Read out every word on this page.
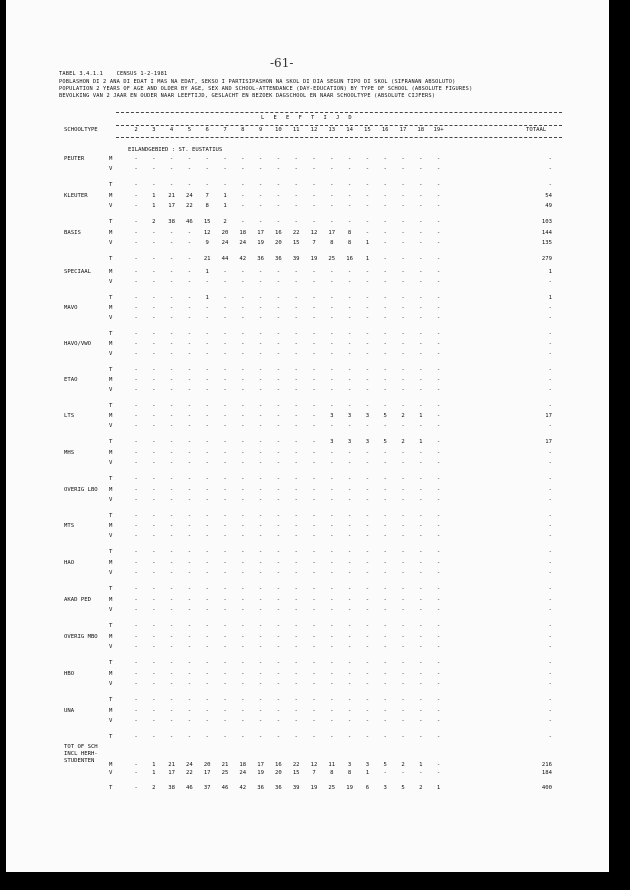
-61-
TABEL 3.4.1.1    CENSUS 1-2-1981
POBLASHON DI 2 ANA DI EDAT I MAS NA EDAT, SEKSO I PARTISIPASHON NA SKOL DI DIA SEGUN TIPO DI SKOL (SIFRANAN ABSOLUTO)
POPULATION 2 YEARS OF AGE AND OLDER BY AGE, SEX AND SCHOOL-ATTENDANCE (DAY-EDUCATION) BY TYPE OF SCHOOL (ABSOLUTE FIGURES)
BEVOLKING VAN 2 JAAR EN OUDER NAAR LEEFTIJD, GESLACHT EN BEZOEK DAGSCHOOL EN NAAR SCHOOLTYPE (ABSOLUTE CIJFERS)
L E E F T I J D
SCHOOLTYPE	2	3	4	5	6	7	8	9	10	11	12	13	14	15	16	17	18	19+	TOTAAL
EILANDGEBIED : ST. EUSTATIUS
PEUTER	M	-	-	-	-	-	-	-	-	-	-	-	-	-	-	-	-	-	-	-
V	-	-	-	-	-	-	-	-	-	-	-	-	-	-	-	-	-	-	-
T	-	-	-	-	-	-	-	-	-	-	-	-	-	-	-	-	-	-	-
KLEUTER	M	-	1	21	24	7	1	-	-	-	-	-	-	-	-	-	-	-	-	54
V	-	1	17	22	8	1	-	-	-	-	-	-	-	-	-	-	-	-	49
T	-	2	38	46	15	2	-	-	-	-	-	-	-	-	-	-	-	-	103
BASIS	M	-	-	-	-	12	20	18	17	16	22	12	17	8	-	-	-	-	-	144
V	-	-	-	-	9	24	24	19	20	15	7	8	8	1	-	-	-	-	135
T	-	-	-	-	21	44	42	36	36	39	19	25	16	1	-	-	-	-	279
SPECIAAL	M	-	-	-	-	1	-	-	-	-	-	-	-	-	-	-	-	-	-	1
V	-	-	-	-	-	-	-	-	-	-	-	-	-	-	-	-	-	-	-
T	-	-	-	-	1	-	-	-	-	-	-	-	-	-	-	-	-	-	1
MAVO	M	-	-	-	-	-	-	-	-	-	-	-	-	-	-	-	-	-	-	-
V	-	-	-	-	-	-	-	-	-	-	-	-	-	-	-	-	-	-	-
T	-	-	-	-	-	-	-	-	-	-	-	-	-	-	-	-	-	-	-
HAVO/VWO	M	-	-	-	-	-	-	-	-	-	-	-	-	-	-	-	-	-	-	-
V	-	-	-	-	-	-	-	-	-	-	-	-	-	-	-	-	-	-	-
T	-	-	-	-	-	-	-	-	-	-	-	-	-	-	-	-	-	-	-
ETAO	M	-	-	-	-	-	-	-	-	-	-	-	-	-	-	-	-	-	-	-
V	-	-	-	-	-	-	-	-	-	-	-	-	-	-	-	-	-	-	-
T	-	-	-	-	-	-	-	-	-	-	-	-	-	-	-	-	-	-	-
LTS	M	-	-	-	-	-	-	-	-	-	-	-	3	3	3	5	2	1	-	17
V	-	-	-	-	-	-	-	-	-	-	-	-	-	-	-	-	-	-	-
T	-	-	-	-	-	-	-	-	-	-	-	3	3	3	5	2	1	-	17
MHS	M	-	-	-	-	-	-	-	-	-	-	-	-	-	-	-	-	-	-	-
V	-	-	-	-	-	-	-	-	-	-	-	-	-	-	-	-	-	-	-
T	-	-	-	-	-	-	-	-	-	-	-	-	-	-	-	-	-	-	-
OVERIG LBO	M	-	-	-	-	-	-	-	-	-	-	-	-	-	-	-	-	-	-	-
V	-	-	-	-	-	-	-	-	-	-	-	-	-	-	-	-	-	-	-
T	-	-	-	-	-	-	-	-	-	-	-	-	-	-	-	-	-	-	-
MTS	M	-	-	-	-	-	-	-	-	-	-	-	-	-	-	-	-	-	-	-
V	-	-	-	-	-	-	-	-	-	-	-	-	-	-	-	-	-	-	-
T	-	-	-	-	-	-	-	-	-	-	-	-	-	-	-	-	-	-	-
HAO	M	-	-	-	-	-	-	-	-	-	-	-	-	-	-	-	-	-	-	-
V	-	-	-	-	-	-	-	-	-	-	-	-	-	-	-	-	-	-	-
T	-	-	-	-	-	-	-	-	-	-	-	-	-	-	-	-	-	-	-
AKAD PED	M	-	-	-	-	-	-	-	-	-	-	-	-	-	-	-	-	-	-	-
V	-	-	-	-	-	-	-	-	-	-	-	-	-	-	-	-	-	-	-
T	-	-	-	-	-	-	-	-	-	-	-	-	-	-	-	-	-	-	-
OVERIG MBO	M	-	-	-	-	-	-	-	-	-	-	-	-	-	-	-	-	-	-	-
V	-	-	-	-	-	-	-	-	-	-	-	-	-	-	-	-	-	-	-
T	-	-	-	-	-	-	-	-	-	-	-	-	-	-	-	-	-	-	-
HBO	M	-	-	-	-	-	-	-	-	-	-	-	-	-	-	-	-	-	-	-
V	-	-	-	-	-	-	-	-	-	-	-	-	-	-	-	-	-	-	-
T	-	-	-	-	-	-	-	-	-	-	-	-	-	-	-	-	-	-	-
UNA	M	-	-	-	-	-	-	-	-	-	-	-	-	-	-	-	-	-	-	-
V	-	-	-	-	-	-	-	-	-	-	-	-	-	-	-	-	-	-	-
T	-	-	-	-	-	-	-	-	-	-	-	-	-	-	-	-	-	-	-
TOT OF SCH INCL HERH- STUDENTEN
M	-	1	21	24	20	21	18	17	16	22	12	11	3	3	5	2	1	-	216
V	-	1	17	22	17	25	24	19	20	15	7	8	8	1	-	-	-	-	184
T	-	2	38	46	37	46	42	36	36	39	19	25	19	6	3	5	2	1	400
